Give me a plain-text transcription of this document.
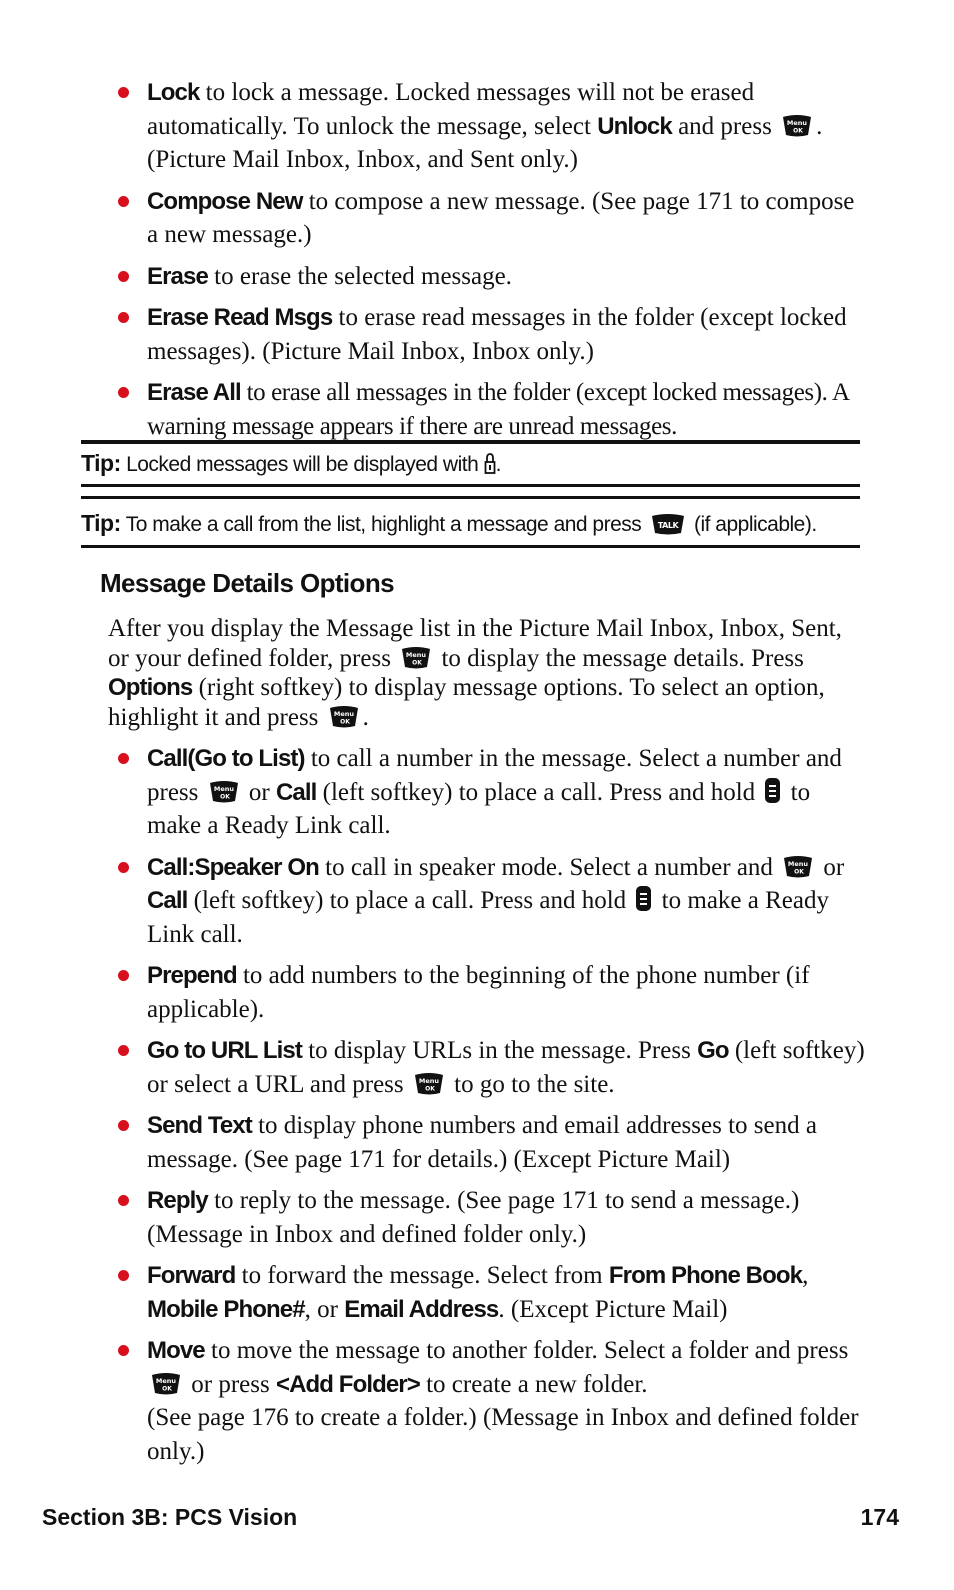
Lock to lock a message. Locked messages will not be erased automatically. To unlock the message, select Unlock and press . (Picture Mail Inbox, Inbox, and Sent only.)
Compose New to compose a new message. (See page 171 to compose a new message.)
Erase to erase the selected message.
Erase Read Msgs to erase read messages in the folder (except locked messages). (Picture Mail Inbox, Inbox only.)
Erase All to erase all messages in the folder (except locked messages). A warning message appears if there are unread messages.
Tip: Locked messages will be displayed with .
Tip: To make a call from the list, highlight a message and press  (if applicable).
Message Details Options
After you display the Message list in the Picture Mail Inbox, Inbox, Sent, or your defined folder, press  to display the message details. Press Options (right softkey) to display message options. To select an option, highlight it and press .
Call(Go to List) to call a number in the message. Select a number and press  or Call (left softkey) to place a call. Press and hold  to make a Ready Link call.
Call:Speaker On to call in speaker mode. Select a number and  or Call (left softkey) to place a call. Press and hold  to make a Ready Link call.
Prepend to add numbers to the beginning of the phone number (if applicable).
Go to URL List to display URLs in the message. Press Go (left softkey) or select a URL and press  to go to the site.
Send Text to display phone numbers and email addresses to send a message. (See page 171 for details.) (Except Picture Mail)
Reply to reply to the message. (See page 171 to send a message.) (Message in Inbox and defined folder only.)
Forward to forward the message. Select from From Phone Book, Mobile Phone#, or Email Address. (Except Picture Mail)
Move to move the message to another folder. Select a folder and press  or press <Add Folder> to create a new folder.
(See page 176 to create a folder.) (Message in Inbox and defined folder only.)
Section 3B: PCS Vision	174
